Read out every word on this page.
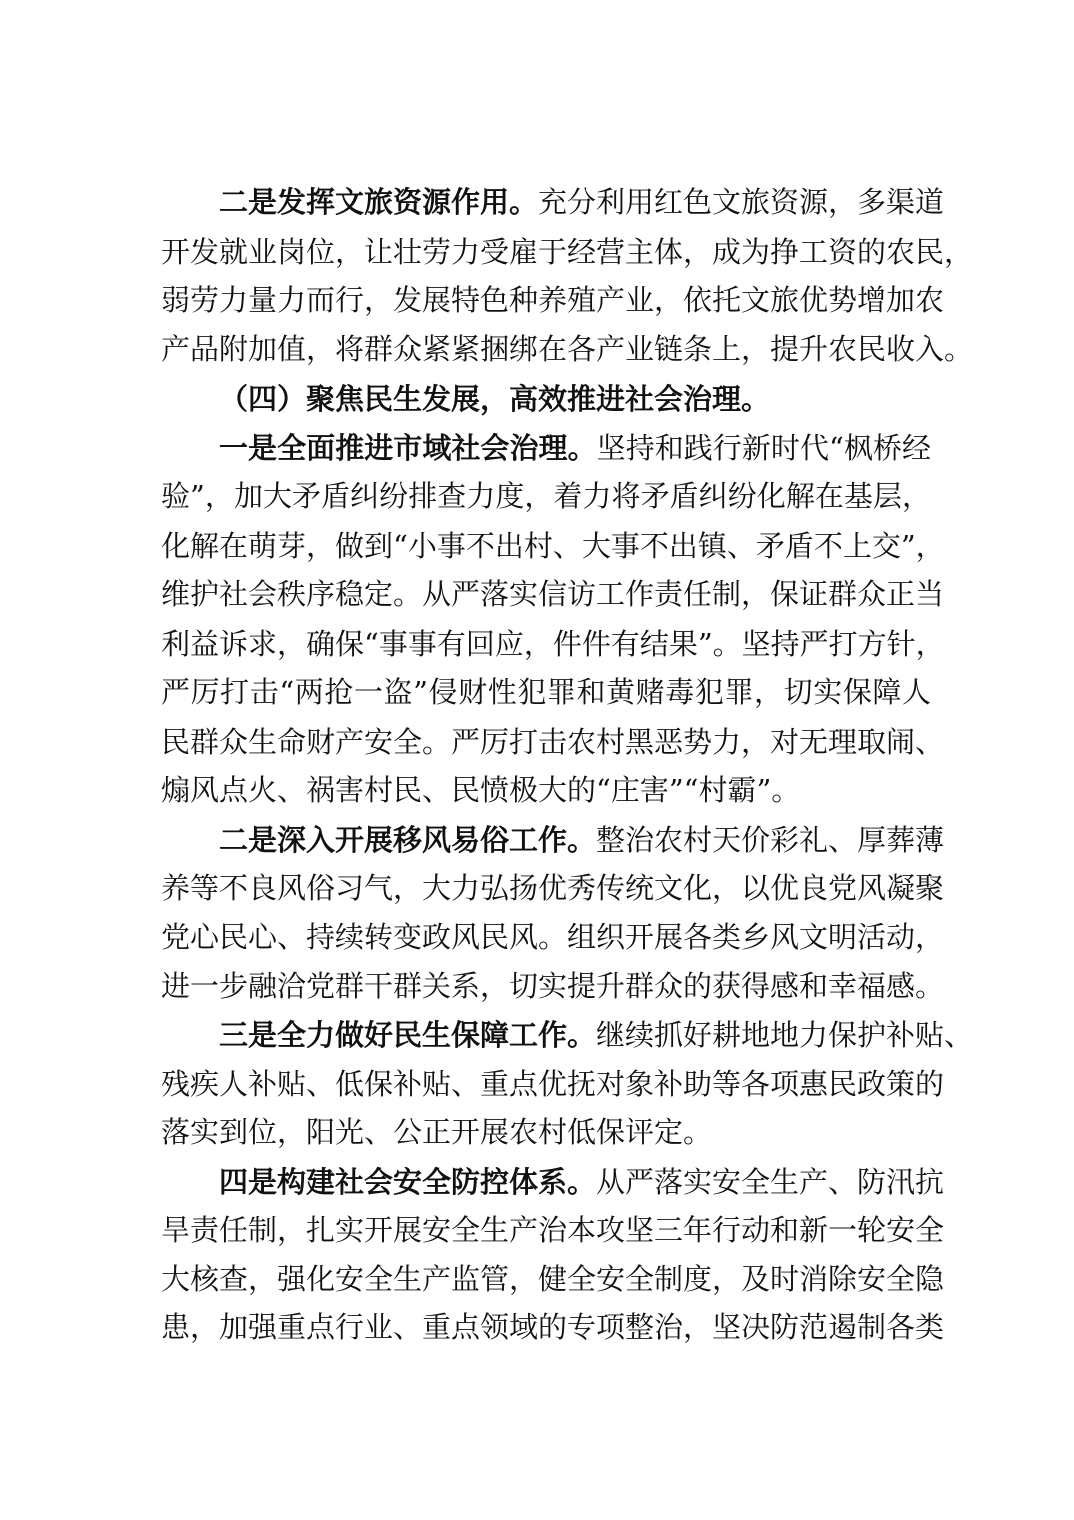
二是发挥文旅资源作用。充分利用红色文旅资源，多渠道
开发就业岗位，让壮劳力受雇于经营主体，成为挣工资的农民，
弱劳力量力而行，发展特色种养殖产业，依托文旅优势增加农
产品附加值，将群众紧紧捆绑在各产业链条上，提升农民收入。
（四）聚焦民生发展，高效推进社会治理。
一是全面推进市域社会治理。坚持和践行新时代“枫桥经
验”，加大矛盾纠纷排查力度，着力将矛盾纠纷化解在基层，
化解在萌芽，做到“小事不出村、大事不出镇、矛盾不上交”，
维护社会秩序稳定。从严落实信访工作责任制，保证群众正当
利益诉求，确保“事事有回应，件件有结果”。坚持严打方针，
严厉打击“两抢一盗”侵财性犯罪和黄赌毒犯罪，切实保障人
民群众生命财产安全。严厉打击农村黑恶势力，对无理取闹、
煽风点火、祸害村民、民愤极大的“庄害”“村霸”。
二是深入开展移风易俗工作。整治农村天价彩礼、厚葬薄
养等不良风俗习气，大力弘扬优秀传统文化，以优良党风凝聚
党心民心、持续转变政风民风。组织开展各类乡风文明活动，
进一步融洽党群干群关系，切实提升群众的获得感和幸福感。
三是全力做好民生保障工作。继续抓好耕地地力保护补贴、
残疾人补贴、低保补贴、重点优抚对象补助等各项惠民政策的
落实到位，阳光、公正开展农村低保评定。
四是构建社会安全防控体系。从严落实安全生产、防汛抗
旱责任制，扎实开展安全生产治本攻坚三年行动和新一轮安全
大核查，强化安全生产监管，健全安全制度，及时消除安全隐
患，加强重点行业、重点领域的专项整治，坚决防范遏制各类
